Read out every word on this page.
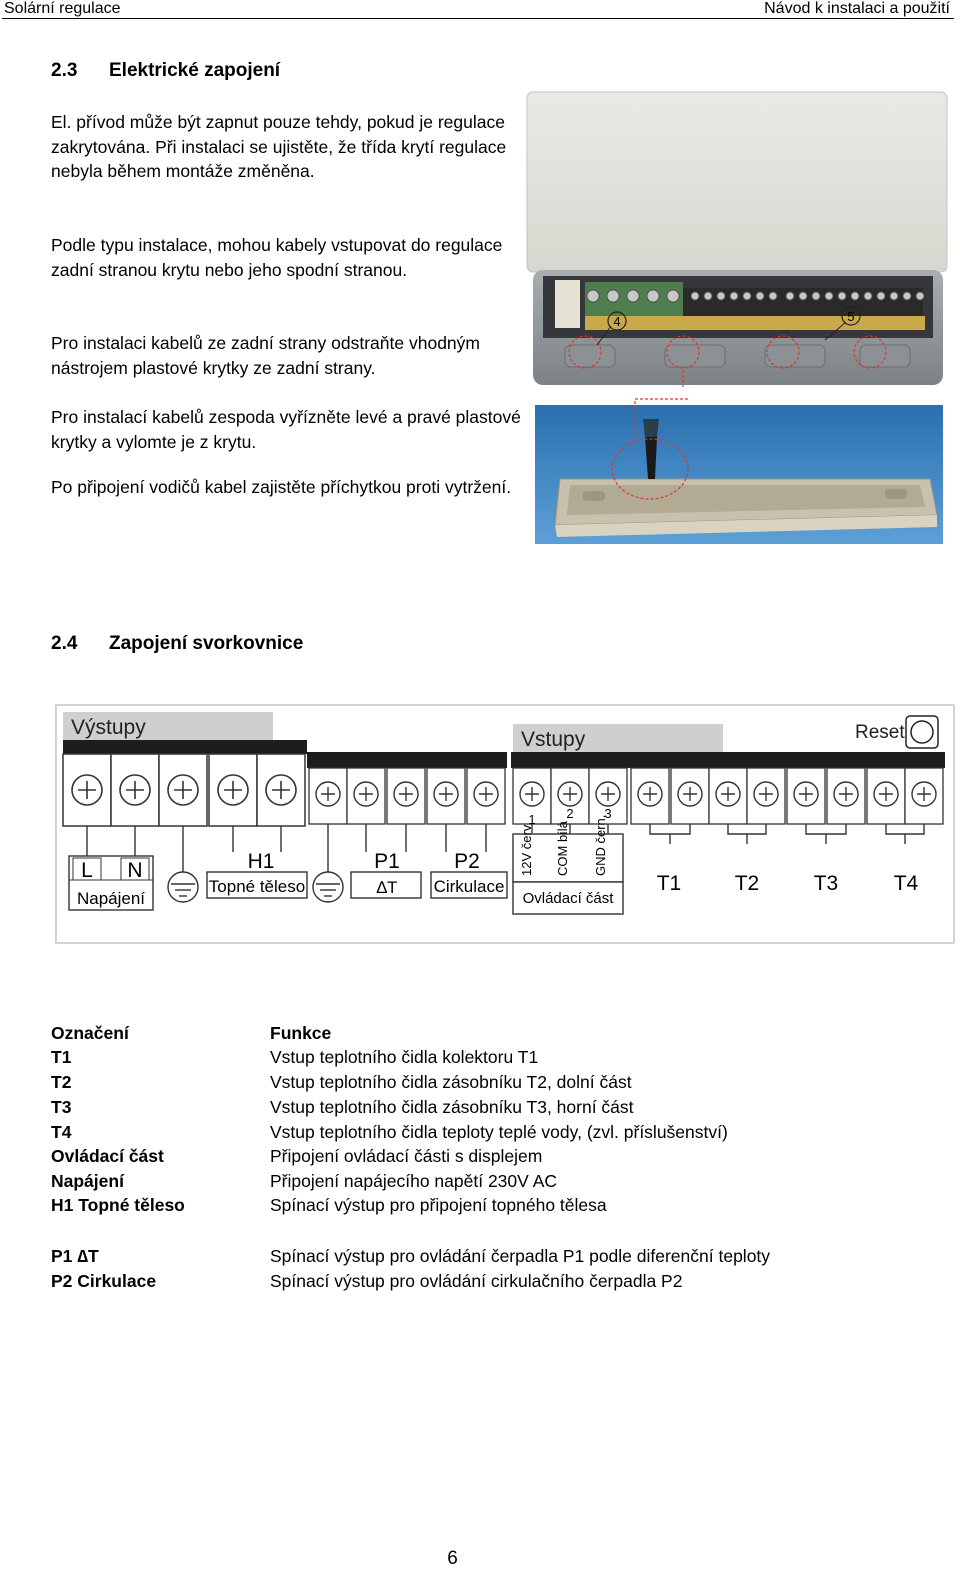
Solární regulace	Návod k instalaci a použití
2.3 Elektrické zapojení
El. přívod může být zapnut pouze tehdy, pokud je regulace zakrytována. Při instalaci se ujistěte, že třída krytí regulace nebyla během montáže změněna.
Podle typu instalace, mohou kabely vstupovat do regulace zadní stranou krytu nebo jeho spodní stranou.
Pro instalaci kabelů ze zadní strany odstraňte vhodným nástrojem plastové krytky ze zadní strany.
Pro instalací kabelů zespoda vyřízněte levé a pravé plastové krytky a vylomte je z krytu.
Po připojení vodičů kabel zajistěte příchytkou proti vytržení.
4	5
2.4 Zapojení svorkovnice
Výstupy
Vstupy	Reset
L N
Napájení
H1
Topné těleso
P1
∆T
P2
Cirkulace
1 2 3
12V červ. COM bílá GND čern.
Ovládací část
T1	T2	T3	T4
Označení	Funkce
T1	Vstup teplotního čidla kolektoru T1
T2	Vstup teplotního čidla zásobníku T2, dolní část
T3	Vstup teplotního čidla zásobníku T3, horní část
T4	Vstup teplotního čidla teploty teplé vody, (zvl. příslušenství)
Ovládací část	Připojení ovládací části s displejem
Napájení	Připojení napájecího napětí 230V AC
H1 Topné těleso	Spínací výstup pro připojení topného tělesa
P1 ∆T	Spínací výstup pro ovládání čerpadla P1 podle diferenční teploty
P2 Cirkulace	Spínací výstup pro ovládání cirkulačního čerpadla P2
6
